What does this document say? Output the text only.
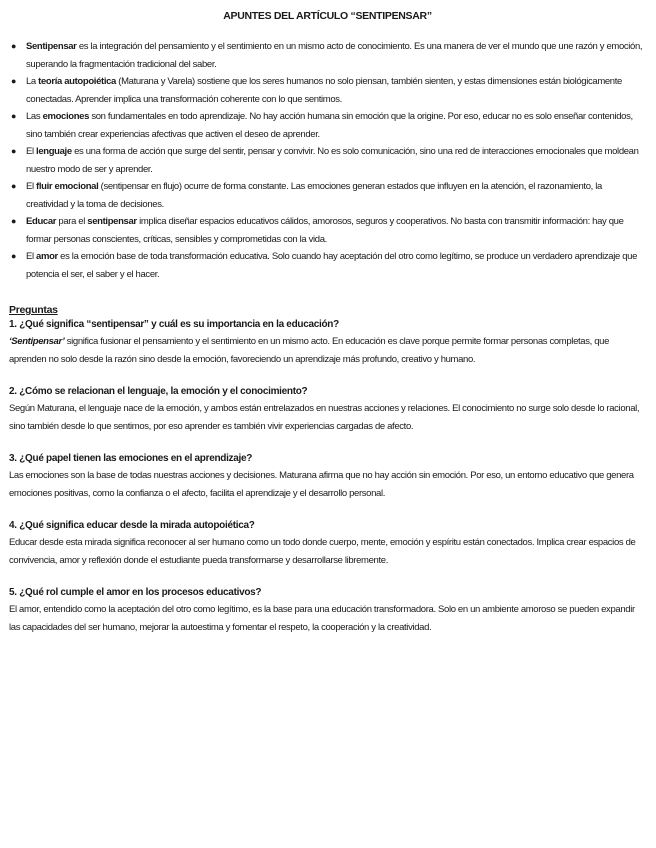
APUNTES DEL ARTÍCULO “SENTIPENSAR”
● Sentipensar es la integración del pensamiento y el sentimiento en un mismo acto de conocimiento. Es una manera de ver el mundo que une razón y emoción, superando la fragmentación tradicional del saber.
● La teoría autopoiética (Maturana y Varela) sostiene que los seres humanos no solo piensan, también sienten, y estas dimensiones están biológicamente conectadas. Aprender implica una transformación coherente con lo que sentimos.
● Las emociones son fundamentales en todo aprendizaje. No hay acción humana sin emoción que la origine. Por eso, educar no es solo enseñar contenidos, sino también crear experiencias afectivas que activen el deseo de aprender.
● El lenguaje es una forma de acción que surge del sentir, pensar y convivir. No es solo comunicación, sino una red de interacciones emocionales que moldean nuestro modo de ser y aprender.
● El fluir emocional (sentipensar en flujo) ocurre de forma constante. Las emociones generan estados que influyen en la atención, el razonamiento, la creatividad y la toma de decisiones.
● Educar para el sentipensar implica diseñar espacios educativos cálidos, amorosos, seguros y cooperativos. No basta con transmitir información: hay que formar personas conscientes, críticas, sensibles y comprometidas con la vida.
● El amor es la emoción base de toda transformación educativa. Solo cuando hay aceptación del otro como legítimo, se produce un verdadero aprendizaje que potencia el ser, el saber y el hacer.
Preguntas

1. ¿Qué significa “sentipensar” y cuál es su importancia en la educación?

‘Sentipensar’ significa fusionar el pensamiento y el sentimiento en un mismo acto. En educación es clave porque permite formar personas completas, que aprenden no solo desde la razón sino desde la emoción, favoreciendo un aprendizaje más profundo, creativo y humano.

2. ¿Cómo se relacionan el lenguaje, la emoción y el conocimiento?

Según Maturana, el lenguaje nace de la emoción, y ambos están entrelazados en nuestras acciones y relaciones. El conocimiento no surge solo desde lo racional, sino también desde lo que sentimos, por eso aprender es también vivir experiencias cargadas de afecto.

3. ¿Qué papel tienen las emociones en el aprendizaje?

Las emociones son la base de todas nuestras acciones y decisiones. Maturana afirma que no hay acción sin emoción. Por eso, un entorno educativo que genera emociones positivas, como la confianza o el afecto, facilita el aprendizaje y el desarrollo personal.

4. ¿Qué significa educar desde la mirada autopoiética?

Educar desde esta mirada significa reconocer al ser humano como un todo donde cuerpo, mente, emoción y espíritu están conectados. Implica crear espacios de convivencia, amor y reflexión donde el estudiante pueda transformarse y desarrollarse libremente.

5. ¿Qué rol cumple el amor en los procesos educativos?

El amor, entendido como la aceptación del otro como legítimo, es la base para una educación transformadora. Solo en un ambiente amoroso se pueden expandir las capacidades del ser humano, mejorar la autoestima y fomentar el respeto, la cooperación y la creatividad.
